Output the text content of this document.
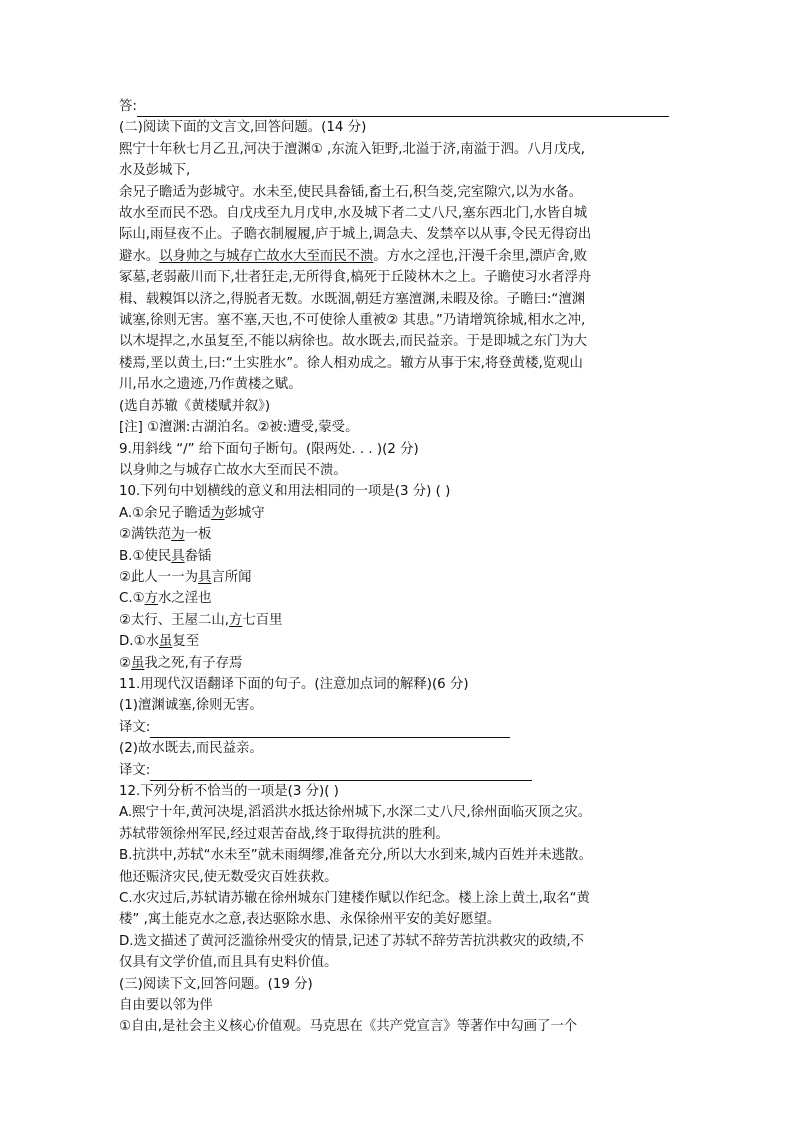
答:
(二)阅读下面的文言文,回答问题。(14 分)
熙宁十年秋七月乙丑,河决于澶渊① ,东流入钜野,北溢于济,南溢于泗。八月戊戌,
水及彭城下,
余兄子瞻适为彭城守。水未至,使民具畚锸,畜土石,积刍茭,完室隙穴,以为水备。
故水至而民不恐。自戊戌至九月戊申,水及城下者二丈八尺,塞东西北门,水皆自城
际山,雨昼夜不止。子瞻衣制履履,庐于城上,调急夫、发禁卒以从事,令民无得窃出
避水。以身帅之与城存亡故水大至而民不溃。方水之淫也,汗漫千余里,漂庐舍,败
冢墓,老弱蔽川而下,壮者狂走,无所得食,槁死于丘陵林木之上。子瞻使习水者浮舟
楫、载糗饵以济之,得脱者无数。水既涸,朝廷方塞澶渊,未暇及徐。子瞻曰:“澶渊
诚塞,徐则无害。塞不塞,天也,不可使徐人重被② 其患。”乃请增筑徐城,相水之冲,
以木堤捍之,水虽复至,不能以病徐也。故水既去,而民益亲。于是即城之东门为大
楼焉,垩以黄土,曰:“土实胜水”。徐人相劝成之。辙方从事于宋,将登黄楼,览观山
川,吊水之遗迹,乃作黄楼之赋。
(选自苏辙《黄楼赋并叙》)
[注] ①澶渊:古湖泊名。②被:遭受,蒙受。
9.用斜线 “/” 给下面句子断句。(限两处. . . )(2 分)
以身帅之与城存亡故水大至而民不溃。
10.下列句中划横线的意义和用法相同的一项是(3 分) ( )
A.①余兄子瞻适为彭城守
②满铁范为一板
B.①使民具畚锸
②此人一一为具言所闻
C.①方水之淫也
②太行、王屋二山,方七百里
D.①水虽复至
②虽我之死,有子存焉
11.用现代汉语翻译下面的句子。(注意加点词的解释)(6 分)
(1)澶渊诚塞,徐则无害。
译文:
(2)故水既去,而民益亲。
译文:
12.下列分析不恰当的一项是(3 分)( )
A.熙宁十年,黄河决堤,滔滔洪水抵达徐州城下,水深二丈八尺,徐州面临灭顶之灾。
苏轼带领徐州军民,经过艰苦奋战,终于取得抗洪的胜利。
B.抗洪中,苏轼“水未至”就未雨绸缪,准备充分,所以大水到来,城内百姓并未逃散。
他还赈济灾民,使无数受灾百姓获救。
C.水灾过后,苏轼请苏辙在徐州城东门建楼作赋以作纪念。楼上涂上黄土,取名“黄
楼” ,寓土能克水之意,表达驱除水患、永保徐州平安的美好愿望。
D.选文描述了黄河泛滥徐州受灾的情景,记述了苏轼不辞劳苦抗洪救灾的政绩,不
仅具有文学价值,而且具有史料价值。
(三)阅读下文,回答问题。(19 分)
自由要以邻为伴
①自由,是社会主义核心价值观。马克思在《共产党宣言》等著作中勾画了一个
